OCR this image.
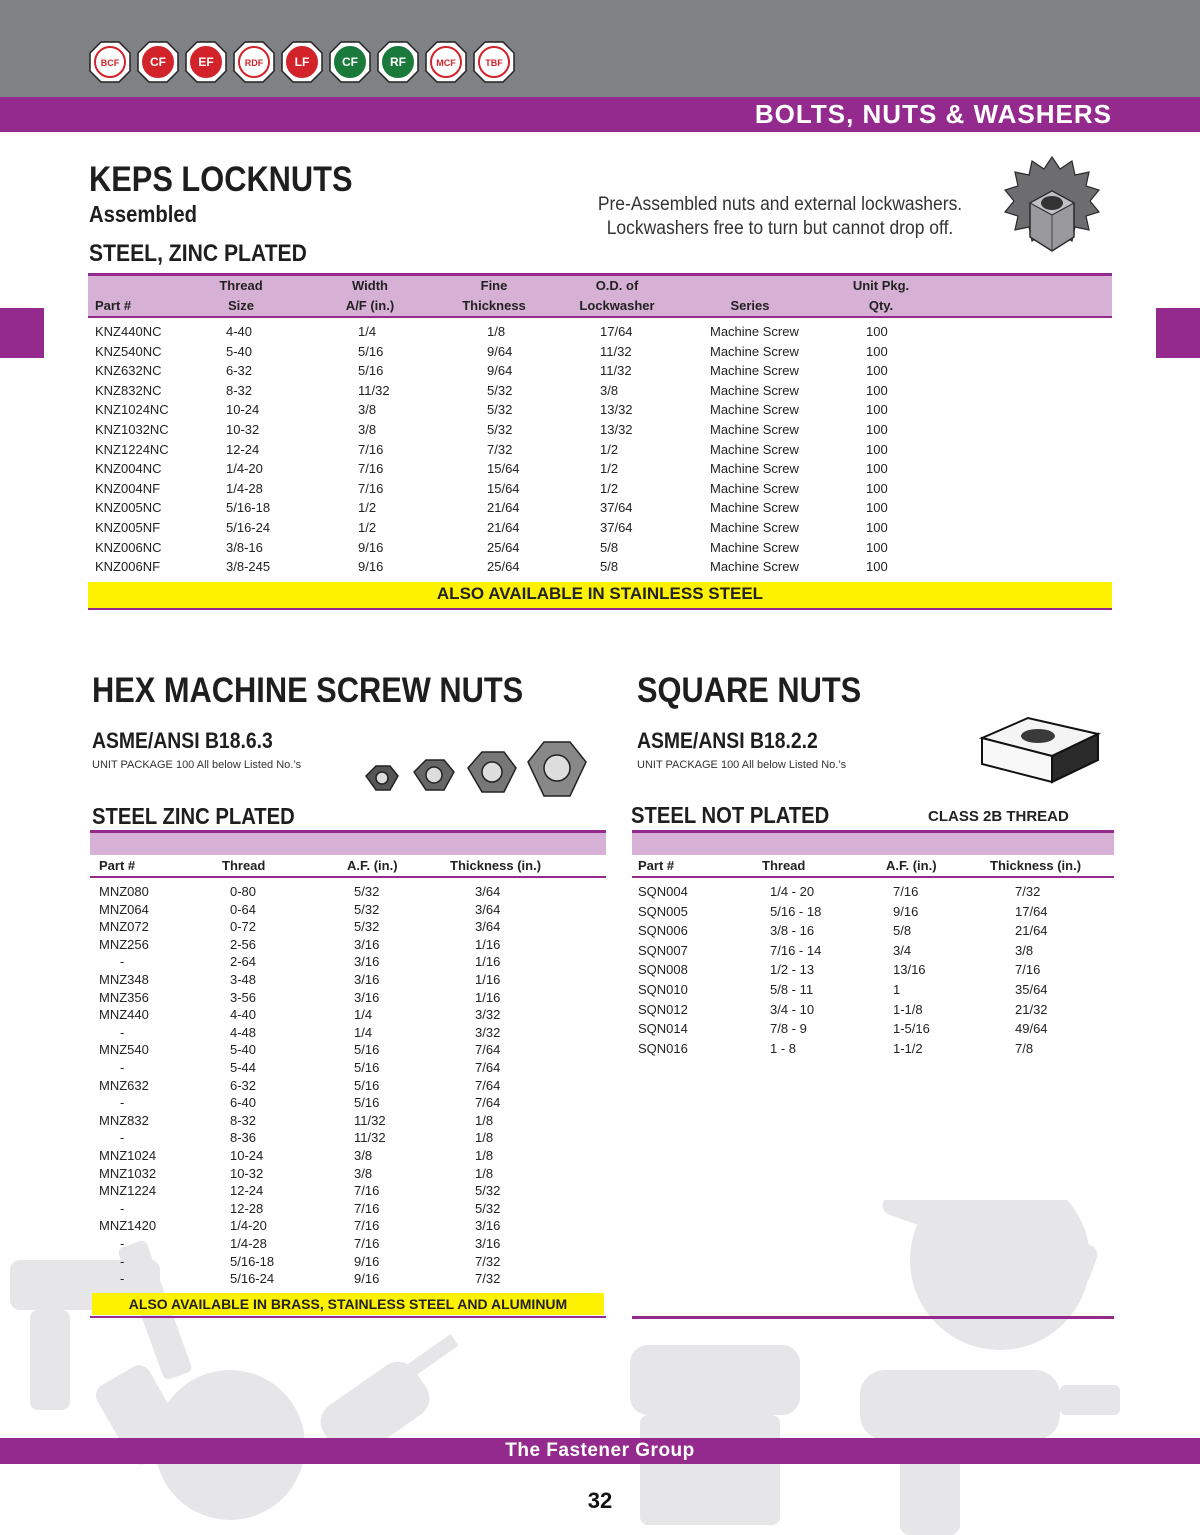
BCF	CF	EF	RDF	LF	CF	RF	MCF	TBF
BOLTS, NUTS & WASHERS
KEPS LOCKNUTS
Assembled
STEEL, ZINC PLATED
Pre-Assembled nuts and external lockwashers.
Lockwashers free to turn but cannot drop off.
Thread	Width	Fine	O.D. of	Unit Pkg.
Part #	Size	A/F (in.)	Thickness	Lockwasher	Series	Qty.
KNZ440NC	4-40	1/4	1/8	17/64	Machine Screw	100
KNZ540NC	5-40	5/16	9/64	11/32	Machine Screw	100
KNZ632NC	6-32	5/16	9/64	11/32	Machine Screw	100
KNZ832NC	8-32	11/32	5/32	3/8	Machine Screw	100
KNZ1024NC	10-24	3/8	5/32	13/32	Machine Screw	100
KNZ1032NC	10-32	3/8	5/32	13/32	Machine Screw	100
KNZ1224NC	12-24	7/16	7/32	1/2	Machine Screw	100
KNZ004NC	1/4-20	7/16	15/64	1/2	Machine Screw	100
KNZ004NF	1/4-28	7/16	15/64	1/2	Machine Screw	100
KNZ005NC	5/16-18	1/2	21/64	37/64	Machine Screw	100
KNZ005NF	5/16-24	1/2	21/64	37/64	Machine Screw	100
KNZ006NC	3/8-16	9/16	25/64	5/8	Machine Screw	100
KNZ006NF	3/8-245	9/16	25/64	5/8	Machine Screw	100
ALSO AVAILABLE IN STAINLESS STEEL
HEX MACHINE SCREW NUTS
ASME/ANSI B18.6.3
UNIT PACKAGE 100 All below Listed No.’s
STEEL ZINC PLATED
Part #	Thread	A.F. (in.)	Thickness (in.)
MNZ080	0-80	5/32	3/64
MNZ064	0-64	5/32	3/64
MNZ072	0-72	5/32	3/64
MNZ256	2-56	3/16	1/16
-	2-64	3/16	1/16
MNZ348	3-48	3/16	1/16
MNZ356	3-56	3/16	1/16
MNZ440	4-40	1/4	3/32
-	4-48	1/4	3/32
MNZ540	5-40	5/16	7/64
-	5-44	5/16	7/64
MNZ632	6-32	5/16	7/64
-	6-40	5/16	7/64
MNZ832	8-32	11/32	1/8
-	8-36	11/32	1/8
MNZ1024	10-24	3/8	1/8
MNZ1032	10-32	3/8	1/8
MNZ1224	12-24	7/16	5/32
-	12-28	7/16	5/32
MNZ1420	1/4-20	7/16	3/16
-	1/4-28	7/16	3/16
-	5/16-18	9/16	7/32
-	5/16-24	9/16	7/32
ALSO AVAILABLE IN BRASS, STAINLESS STEEL AND ALUMINUM
SQUARE NUTS
ASME/ANSI B18.2.2
UNIT PACKAGE 100 All below Listed No.’s
STEEL NOT PLATED	CLASS 2B THREAD
Part #	Thread	A.F. (in.)	Thickness (in.)
SQN004	1/4 - 20	7/16	7/32
SQN005	5/16 - 18	9/16	17/64
SQN006	3/8 - 16	5/8	21/64
SQN007	7/16 - 14	3/4	3/8
SQN008	1/2 - 13	13/16	7/16
SQN010	5/8 - 11	1	35/64
SQN012	3/4 - 10	1-1/8	21/32
SQN014	7/8 - 9	1-5/16	49/64
SQN016	1 - 8	1-1/2	7/8
The Fastener Group
32
